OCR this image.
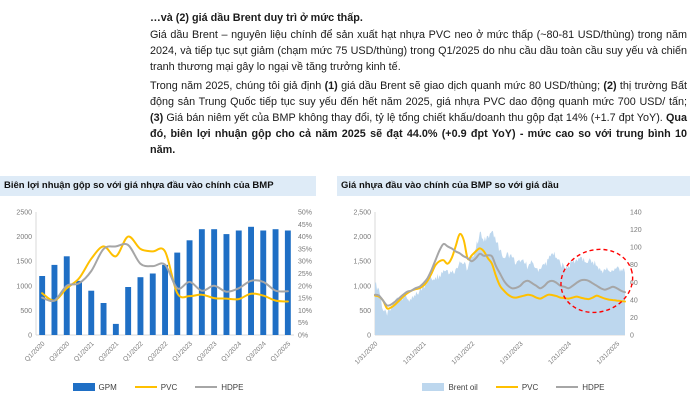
…và (2) giá dầu Brent duy trì ở mức thấp.

Giá dầu Brent – nguyên liệu chính để sản xuất hạt nhựa PVC neo ở mức thấp (~80-81 USD/thùng) trong năm 2024, và tiếp tục sụt giảm (chạm mức 75 USD/thùng) trong Q1/2025 do nhu cầu dầu toàn cầu suy yếu và chiến tranh thương mại gây lo ngại về tăng trưởng kinh tế.

Trong năm 2025, chúng tôi giả định (1) giá dầu Brent sẽ giao dịch quanh mức 80 USD/thùng; (2) thị trường Bất động sản Trung Quốc tiếp tục suy yếu đến hết năm 2025, giá nhựa PVC dao động quanh mức 700 USD/ tấn; (3) Giá bán niêm yết của BMP không thay đổi, tỷ lệ tổng chiết khấu/doanh thu gộp đạt 14% (+1.7 đpt YoY). Qua đó, biên lợi nhuận gộp cho cả năm 2025 sẽ đạt 44.0% (+0.9 đpt YoY) - mức cao so với trung bình 10 năm.

Biên lợi nhuận gộp so với giá nhựa đầu vào chính của BMP
0
500
1000
1500
2000
2500
0%
5%
10%
15%
20%
25%
30%
35%
40%
45%
50%
Q1/2020 Q3/2020 Q1/2021 Q3/2021 Q1/2022 Q3/2022 Q1/2023 Q3/2023 Q1/2024 Q3/2024 Q1/2025
GPM	PVC	HDPE
Giá nhựa đầu vào chính của BMP so với giá dầu
0
500
1,000
1,500
2,000
2,500
0
20
40
60
80
100
120
140
1/31/2020	1/31/2021	1/31/2022	1/31/2023	1/31/2024	1/31/2025
Brent oil	PVC	HDPE
